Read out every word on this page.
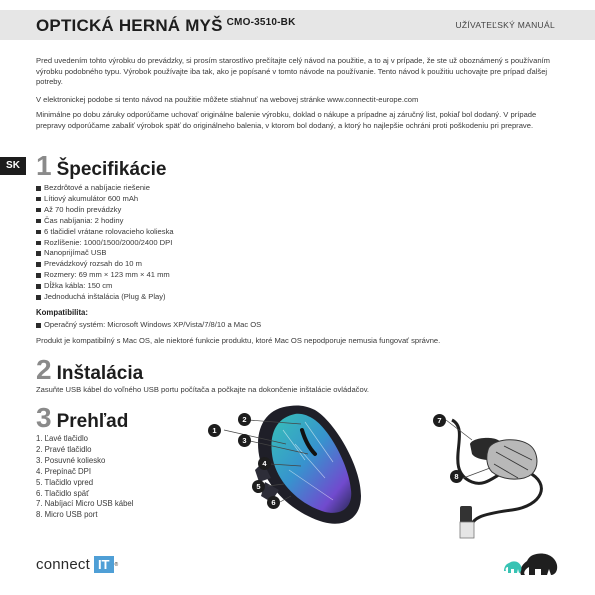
OPTICKÁ HERNÁ MYŠ $^{CMO-3510-BK}$	UŽÍVATEĽSKÝ MANUÁL

Pred uvedením tohto výrobku do prevádzky, si prosím starostlivo prečítajte celý návod na použitie, a to aj v prípade, že ste už oboznámený s používaním výrobku podobného typu. Výrobok používajte iba tak, ako je popísané v tomto návode na používanie. Tento návod k použitiu uchovajte pre prípad ďalšej potreby.

V elektronickej podobe si tento návod na použitie môžete stiahnuť na webovej stránke www.connectit-europe.com

Minimálne po dobu záruky odporúčame uchovať originálne balenie výrobku, doklad o nákupe a prípadne aj záručný list, pokiaľ bol dodaný. V prípade prepravy odporúčame zabaliť výrobok späť do originálneho balenia, v ktorom bol dodaný, a ktorý ho najlepšie ochráni proti poškodeniu pri preprave.

SK 1 Špecifikácie
Bezdrôtové a nabíjacie riešenie
Lítiový akumulátor 600 mAh
Až 70 hodín prevádzky
Čas nabíjania: 2 hodiny
6 tlačidiel vrátane rolovacieho kolieska
Rozlíšenie: 1000/1500/2000/2400 DPI
Nanoprijímač USB
Prevádzkový rozsah do 10 m
Rozmery: 69 mm × 123 mm × 41 mm
Dĺžka kábla: 150 cm
Jednoduchá inštalácia (Plug & Play)
Kompatibilita:
Operačný systém: Microsoft Windows XP/Vista/7/8/10 a Mac OS

Produkt je kompatibilný s Mac OS, ale niektoré funkcie produktu, ktoré Mac OS nepodporuje nemusia fungovať správne.

2 Inštalácia

Zasuňte USB kábel do voľného USB portu počítača a počkajte na dokončenie inštalácie ovládačov.

3 Prehľad
1. Ľavé tlačidlo
2. Pravé tlačidlo
3. Posuvné koliesko
4. Prepínač DPI
5. Tlačidlo vpred
6. Tlačidlo späť
7. Nabíjací Micro USB kábel
8. Micro USB port
1
2
3
4
5
6
7
8
connect IT	®
